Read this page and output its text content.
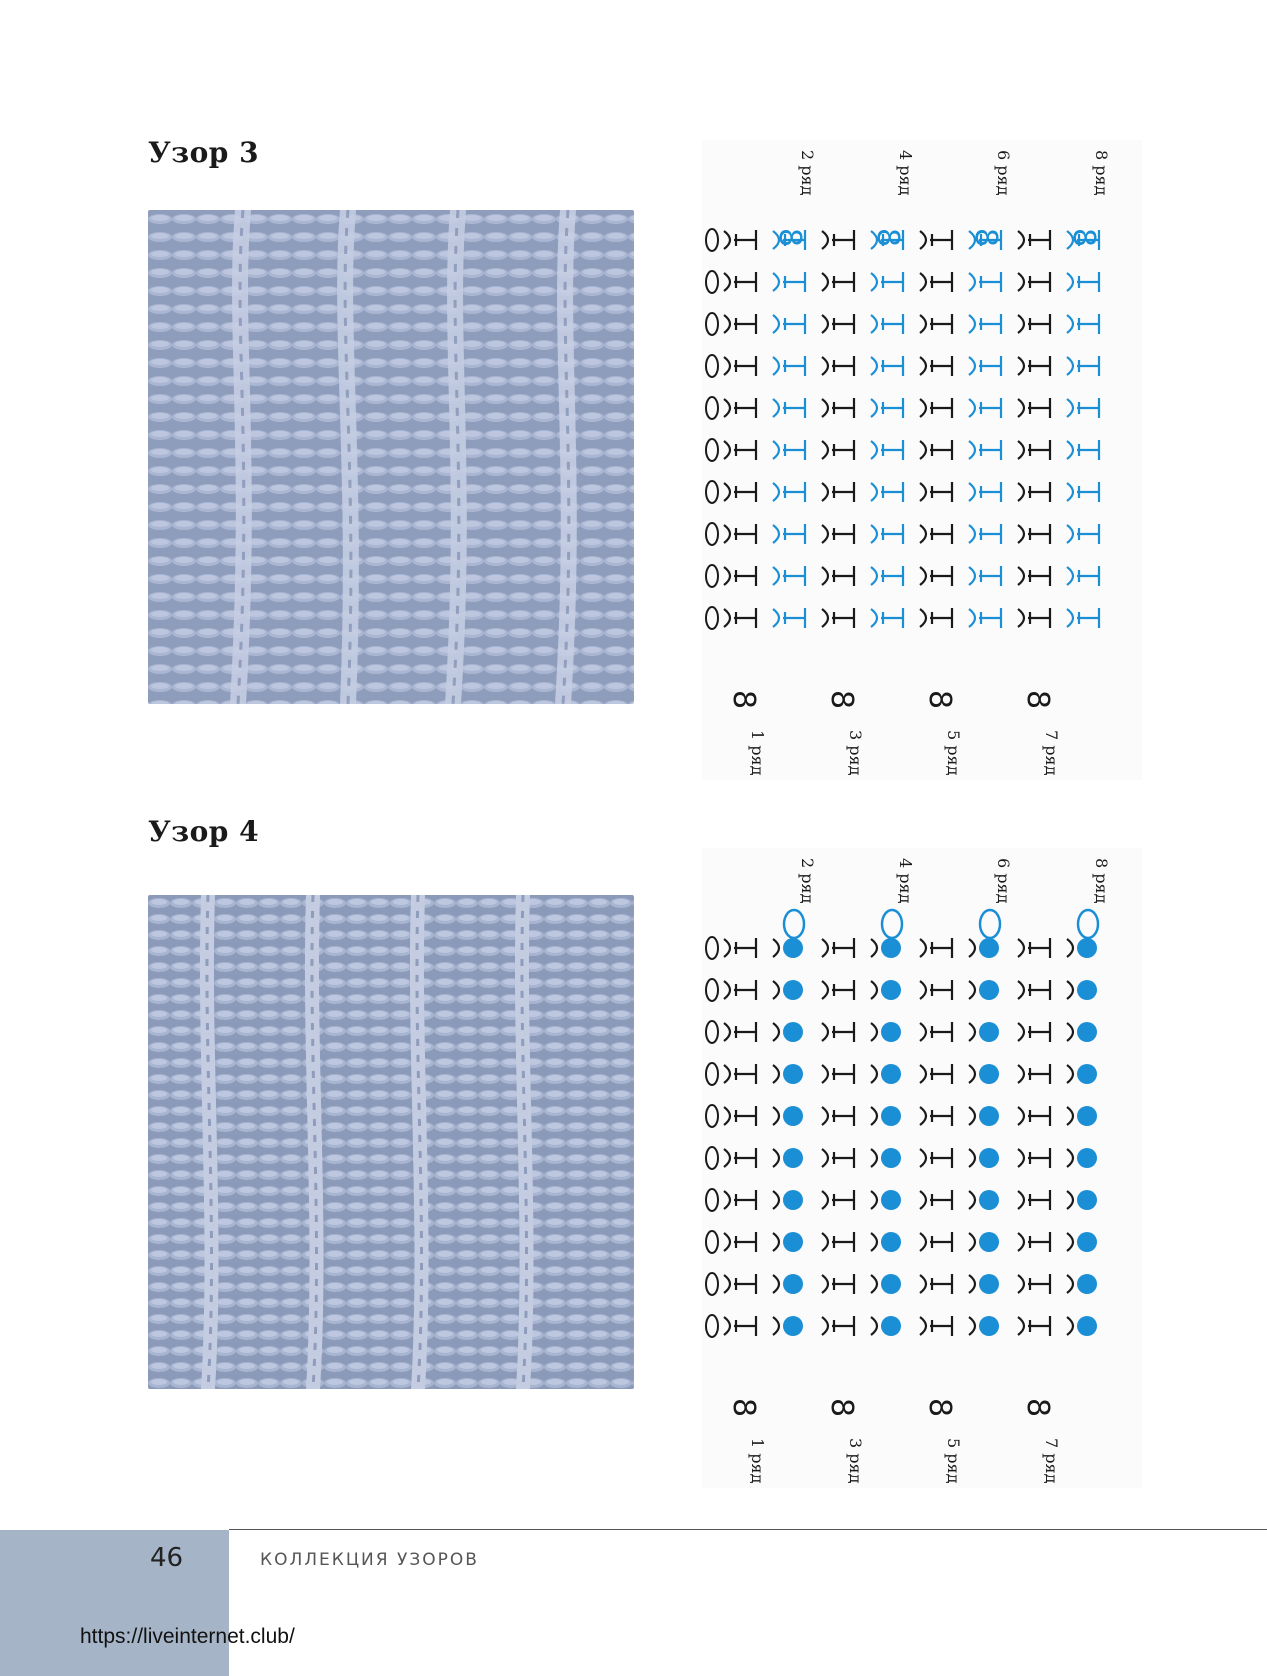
Узор 3
Узор 4
2 ряд	4 ряд	6 ряд	8 ряд
8 8 8 8
8 8 8 8
1 ряд	3 ряд	5 ряд	7 ряд
2 ряд	4 ряд	6 ряд	8 ряд
8 8 8 8
1 ряд	3 ряд	5 ряд	7 ряд
46	КОЛЛЕКЦИЯ УЗОРОВ
https://liveinternet.club/
